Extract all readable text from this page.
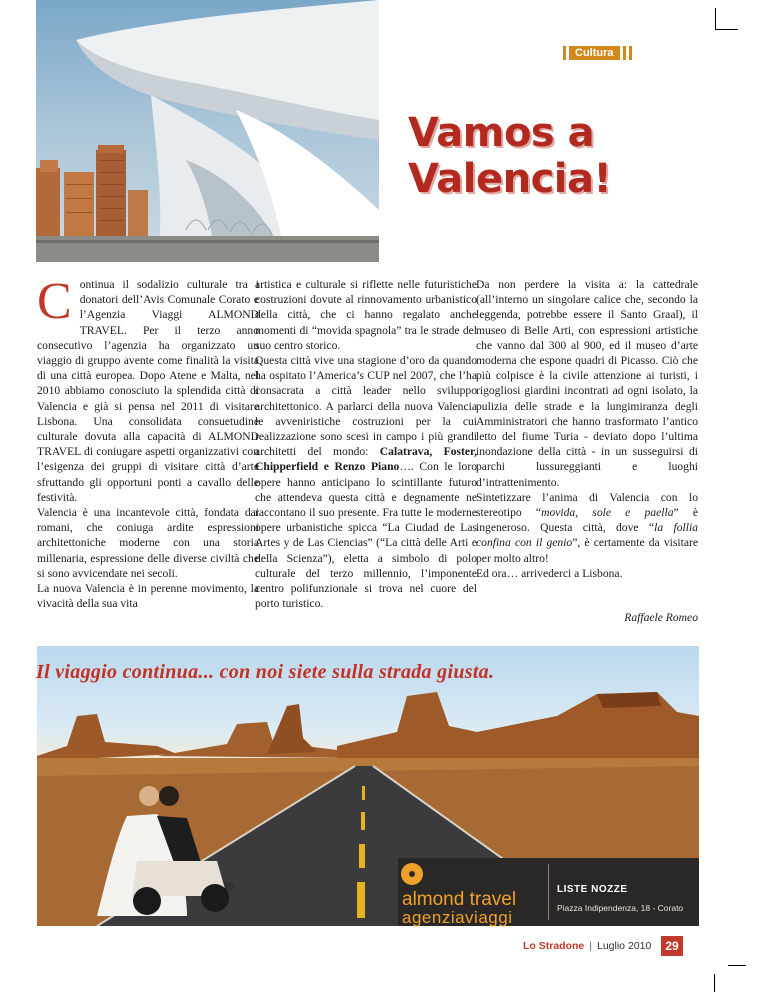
Cultura
Vamos a
Valencia!

Continua il sodalizio culturale tra i donatori dell’Avis Comunale Corato e l’Agenzia Viaggi ALMOND TRAVEL. Per il terzo anno consecutivo l’agenzia ha organizzato un viaggio di gruppo avente come finalità la visita di una città europea. Dopo Atene e Malta, nel 2010 abbiamo conosciuto la splendida città di Valencia e già si pensa nel 2011 di visitare Lisbona. Una consolidata consuetudine culturale dovuta alla capacità di ALMOND TRAVEL di coniugare aspetti organizzativi con l’esigenza dei gruppi di visitare città d’arte sfruttando gli opportuni ponti a cavallo delle festività.

Valencia è una incantevole città, fondata dai romani, che coniuga ardite espressioni architettoniche moderne con una storia millenaria, espressione delle diverse civiltà che si sono avvicendate nei secoli.

La nuova Valencia è in perenne movimento, la vivacità della sua vita

artistica e culturale si riflette nelle futuristiche costruzioni dovute al rinnovamento urbanistico della città, che ci hanno regalato anche momenti di “movida spagnola” tra le strade del suo centro storico.

Questa città vive una stagione d’oro da quando ha ospitato l’America’s CUP nel 2007, che l’ha consacrata a città leader nello sviluppo architettonico. A parlarci della nuova Valencia le avveniristiche costruzioni per la cui realizzazione sono scesi in campo i più grandi architetti del mondo: Calatrava, Foster, Chipperfield e Renzo Piano…. Con le loro opere hanno anticipano lo scintillante futuro che attendeva questa città e degnamente ne raccontano il suo presente. Fra tutte le moderne opere urbanistiche spicca “La Ciudad de Las Artes y de Las Ciencias” (“La città delle Arti e della Scienza”), eletta a simbolo di polo culturale del terzo millennio, l’imponente centro polifunzionale si trova nel cuore del porto turistico.

Da non perdere la visita a: la cattedrale (all’interno un singolare calice che, secondo la leggenda, potrebbe essere il Santo Graal), il museo di Belle Arti, con espressioni artistiche che vanno dal 300 al 900, ed il museo d’arte moderna che espone quadri di Picasso. Ciò che più colpisce è la civile attenzione ai turisti, i rigogliosi giardini incontrati ad ogni isolato, la pulizia delle strade e la lungimiranza degli Amministratori che hanno trasformato l’antico letto del fiume Turia - deviato dopo l’ultima inondazione della città - in un susseguirsi di parchi lussureggianti e luoghi d’intrattenimento.

Sintetizzare l’anima di Valencia con lo stereotipo “movida, sole e paella” è ingeneroso. Questa città, dove “la follia confina con il genio”, è certamente da visitare per molto altro!

Ed ora… arrivederci a Lisbona.

Raffaele Romeo
Il viaggio continua... con noi siete sulla strada giusta.
almond travel
agenziaviaggi
LISTE NOZZE
Piazza Indipendenza, 18 - Corato
Lo Stradone | Luglio 2010	29
